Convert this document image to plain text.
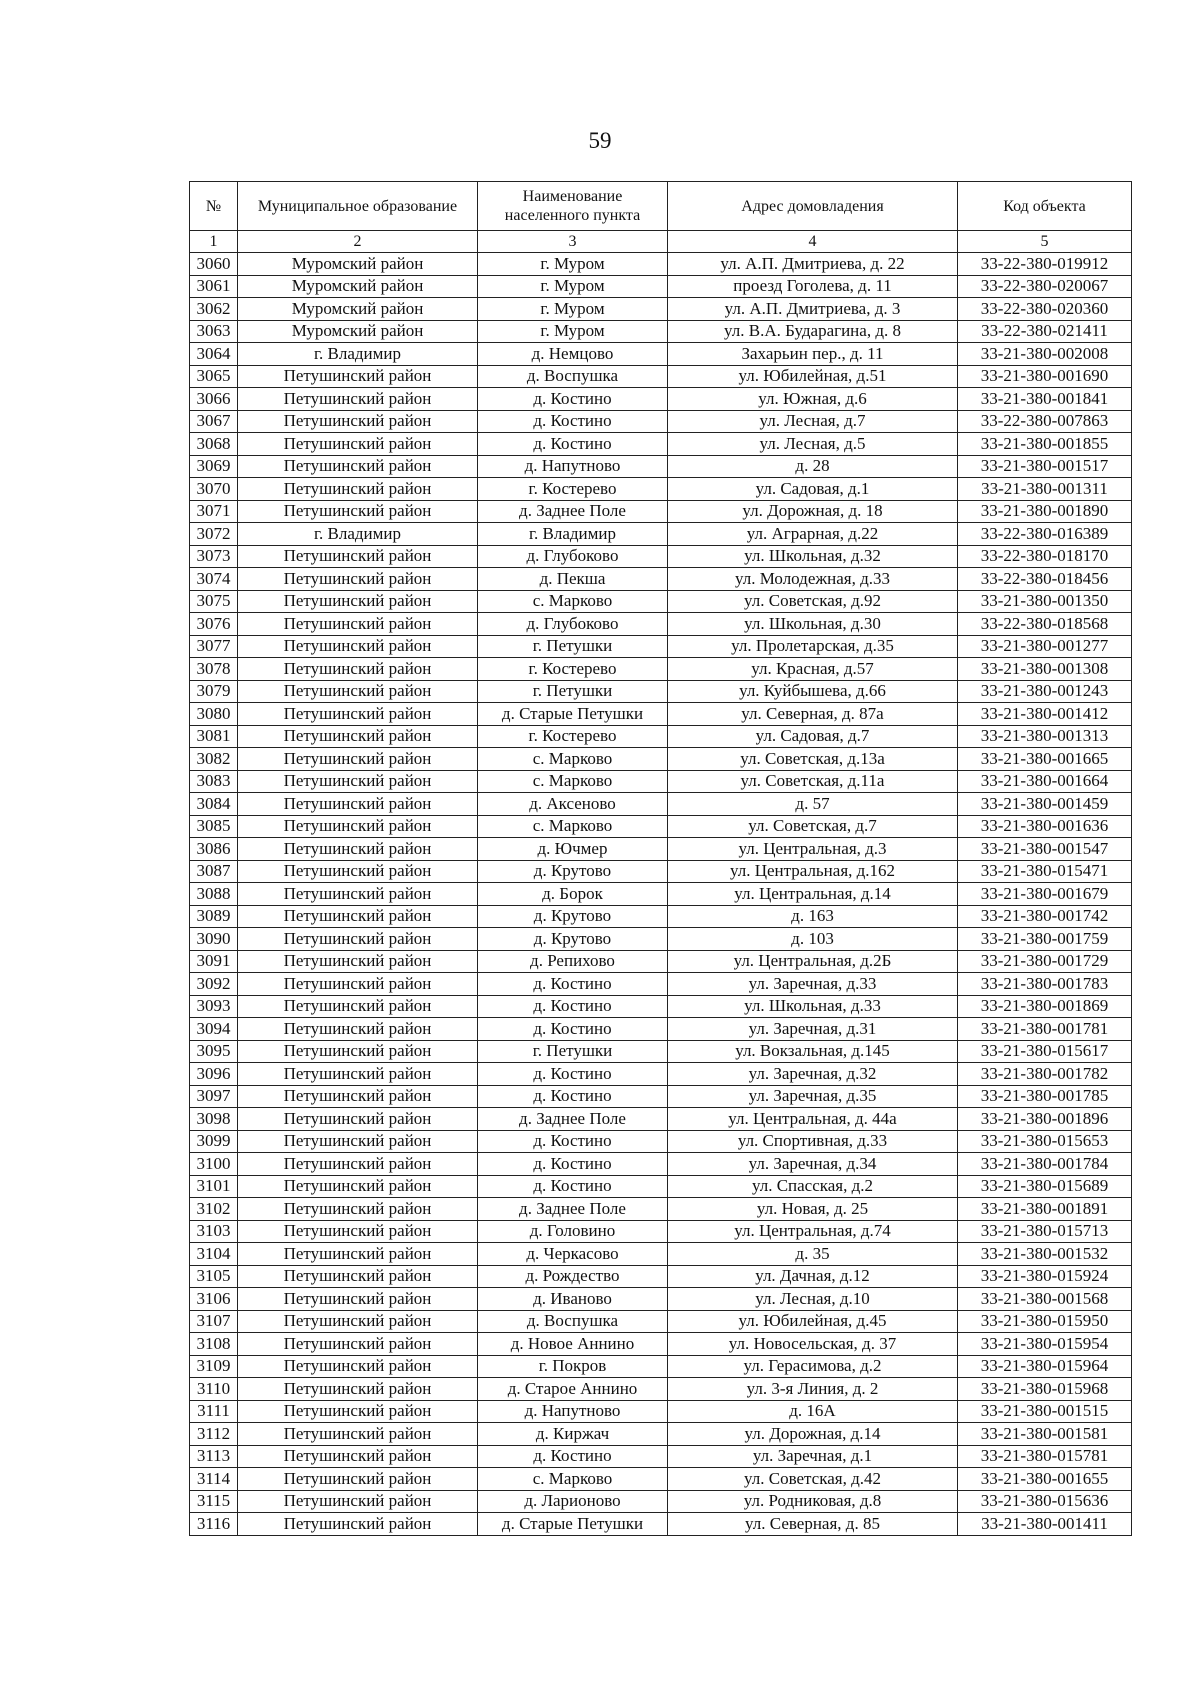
59
№	Муниципальное образование	Наименование населенного пункта	Адрес домовладения	Код объекта
1	2	3	4	5
3060	Муромский район	г. Муром	ул. А.П. Дмитриева, д. 22	33-22-380-019912
3061	Муромский район	г. Муром	проезд Гоголева, д. 11	33-22-380-020067
3062	Муромский район	г. Муром	ул. А.П. Дмитриева, д. 3	33-22-380-020360
3063	Муромский район	г. Муром	ул. В.А. Бударагина, д. 8	33-22-380-021411
3064	г. Владимир	д. Немцово	Захарьин пер., д. 11	33-21-380-002008
3065	Петушинский район	д. Воспушка	ул. Юбилейная, д.51	33-21-380-001690
3066	Петушинский район	д. Костино	ул. Южная, д.6	33-21-380-001841
3067	Петушинский район	д. Костино	ул. Лесная, д.7	33-22-380-007863
3068	Петушинский район	д. Костино	ул. Лесная, д.5	33-21-380-001855
3069	Петушинский район	д. Напутново	д. 28	33-21-380-001517
3070	Петушинский район	г. Костерево	ул. Садовая, д.1	33-21-380-001311
3071	Петушинский район	д. Заднее Поле	ул. Дорожная, д. 18	33-21-380-001890
3072	г. Владимир	г. Владимир	ул. Аграрная, д.22	33-22-380-016389
3073	Петушинский район	д. Глубоково	ул. Школьная, д.32	33-22-380-018170
3074	Петушинский район	д. Пекша	ул. Молодежная, д.33	33-22-380-018456
3075	Петушинский район	с. Марково	ул. Советская, д.92	33-21-380-001350
3076	Петушинский район	д. Глубоково	ул. Школьная, д.30	33-22-380-018568
3077	Петушинский район	г. Петушки	ул. Пролетарская, д.35	33-21-380-001277
3078	Петушинский район	г. Костерево	ул. Красная, д.57	33-21-380-001308
3079	Петушинский район	г. Петушки	ул. Куйбышева, д.66	33-21-380-001243
3080	Петушинский район	д. Старые Петушки	ул. Северная, д. 87а	33-21-380-001412
3081	Петушинский район	г. Костерево	ул. Садовая, д.7	33-21-380-001313
3082	Петушинский район	с. Марково	ул. Советская, д.13а	33-21-380-001665
3083	Петушинский район	с. Марково	ул. Советская, д.11а	33-21-380-001664
3084	Петушинский район	д. Аксеново	д. 57	33-21-380-001459
3085	Петушинский район	с. Марково	ул. Советская, д.7	33-21-380-001636
3086	Петушинский район	д. Ючмер	ул. Центральная, д.3	33-21-380-001547
3087	Петушинский район	д. Крутово	ул. Центральная, д.162	33-21-380-015471
3088	Петушинский район	д. Борок	ул. Центральная, д.14	33-21-380-001679
3089	Петушинский район	д. Крутово	д. 163	33-21-380-001742
3090	Петушинский район	д. Крутово	д. 103	33-21-380-001759
3091	Петушинский район	д. Репихово	ул. Центральная, д.2Б	33-21-380-001729
3092	Петушинский район	д. Костино	ул. Заречная, д.33	33-21-380-001783
3093	Петушинский район	д. Костино	ул. Школьная, д.33	33-21-380-001869
3094	Петушинский район	д. Костино	ул. Заречная, д.31	33-21-380-001781
3095	Петушинский район	г. Петушки	ул. Вокзальная, д.145	33-21-380-015617
3096	Петушинский район	д. Костино	ул. Заречная, д.32	33-21-380-001782
3097	Петушинский район	д. Костино	ул. Заречная, д.35	33-21-380-001785
3098	Петушинский район	д. Заднее Поле	ул. Центральная, д. 44а	33-21-380-001896
3099	Петушинский район	д. Костино	ул. Спортивная, д.33	33-21-380-015653
3100	Петушинский район	д. Костино	ул. Заречная, д.34	33-21-380-001784
3101	Петушинский район	д. Костино	ул. Спасская, д.2	33-21-380-015689
3102	Петушинский район	д. Заднее Поле	ул. Новая, д. 25	33-21-380-001891
3103	Петушинский район	д. Головино	ул. Центральная, д.74	33-21-380-015713
3104	Петушинский район	д. Черкасово	д. 35	33-21-380-001532
3105	Петушинский район	д. Рождество	ул. Дачная, д.12	33-21-380-015924
3106	Петушинский район	д. Иваново	ул. Лесная, д.10	33-21-380-001568
3107	Петушинский район	д. Воспушка	ул. Юбилейная, д.45	33-21-380-015950
3108	Петушинский район	д. Новое Аннино	ул. Новосельская, д. 37	33-21-380-015954
3109	Петушинский район	г. Покров	ул. Герасимова, д.2	33-21-380-015964
3110	Петушинский район	д. Старое Аннино	ул. 3-я Линия, д. 2	33-21-380-015968
3111	Петушинский район	д. Напутново	д. 16А	33-21-380-001515
3112	Петушинский район	д. Киржач	ул. Дорожная, д.14	33-21-380-001581
3113	Петушинский район	д. Костино	ул. Заречная, д.1	33-21-380-015781
3114	Петушинский район	с. Марково	ул. Советская, д.42	33-21-380-001655
3115	Петушинский район	д. Ларионово	ул. Родниковая, д.8	33-21-380-015636
3116	Петушинский район	д. Старые Петушки	ул. Северная, д. 85	33-21-380-001411
